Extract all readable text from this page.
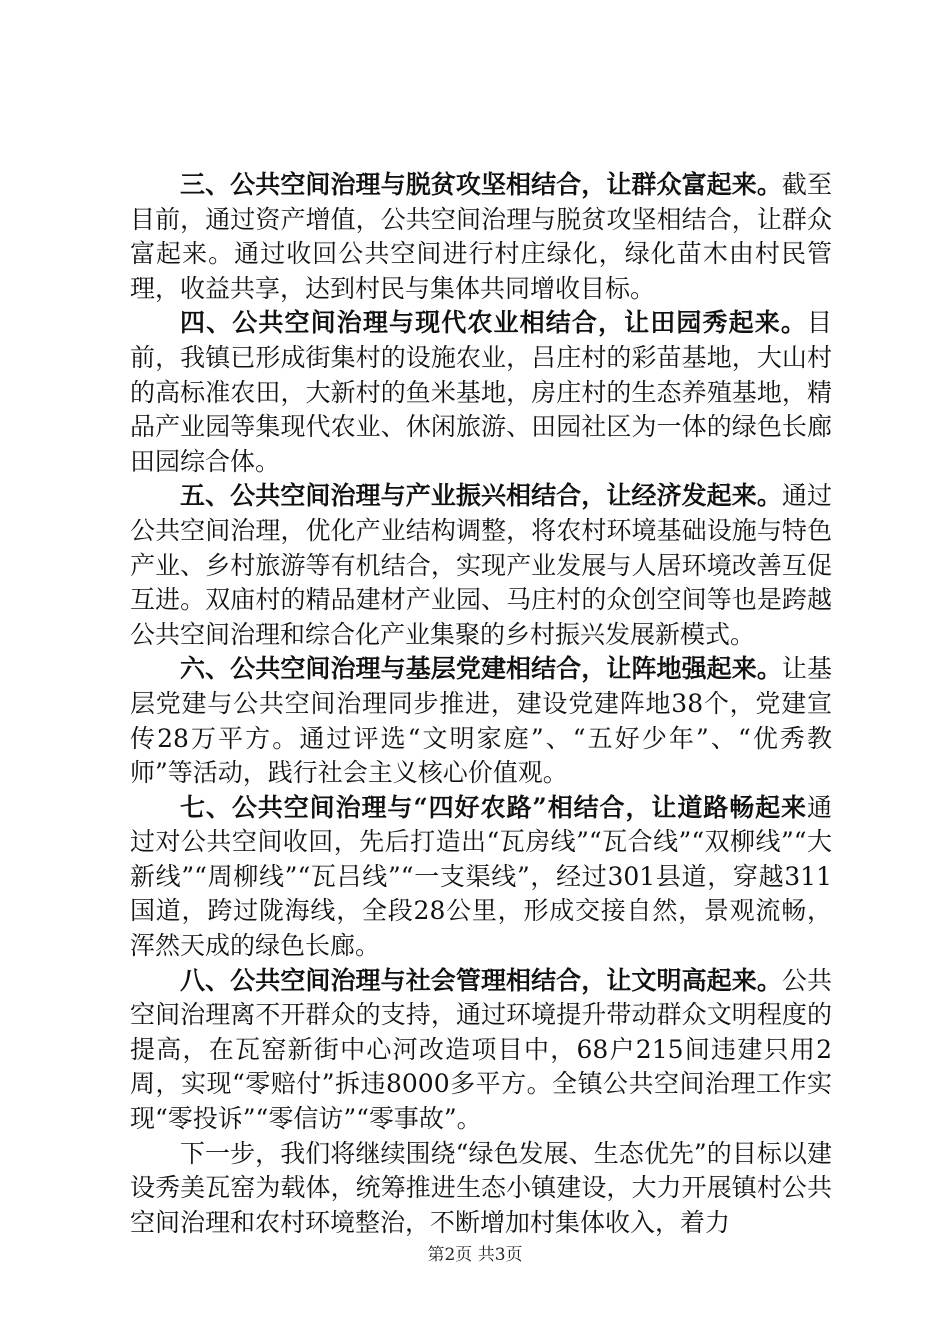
三、公共空间治理与脱贫攻坚相结合，让群众富起来。截至目前，通过资产增值，公共空间治理与脱贫攻坚相结合，让群众富起来。通过收回公共空间进行村庄绿化，绿化苗木由村民管理，收益共享，达到村民与集体共同增收目标。

四、公共空间治理与现代农业相结合，让田园秀起来。目前，我镇已形成街集村的设施农业，吕庄村的彩苗基地，大山村的高标准农田，大新村的鱼米基地，房庄村的生态养殖基地，精品产业园等集现代农业、休闲旅游、田园社区为一体的绿色长廊田园综合体。

五、公共空间治理与产业振兴相结合，让经济发起来。通过公共空间治理，优化产业结构调整，将农村环境基础设施与特色产业、乡村旅游等有机结合，实现产业发展与人居环境改善互促互进。双庙村的精品建材产业园、马庄村的众创空间等也是跨越公共空间治理和综合化产业集聚的乡村振兴发展新模式。

六、公共空间治理与基层党建相结合，让阵地强起来。让基层党建与公共空间治理同步推进，建设党建阵地38个，党建宣传28万平方。通过评选“文明家庭”、“五好少年”、“优秀教师”等活动，践行社会主义核心价值观。

七、公共空间治理与“四好农路”相结合，让道路畅起来通过对公共空间收回，先后打造出“瓦房线”“瓦合线”“双柳线”“大新线”“周柳线”“瓦吕线”“一支渠线”，经过301县道，穿越311国道，跨过陇海线，全段28公里，形成交接自然，景观流畅，浑然天成的绿色长廊。

八、公共空间治理与社会管理相结合，让文明高起来。公共空间治理离不开群众的支持，通过环境提升带动群众文明程度的提高，在瓦窑新街中心河改造项目中，68户215间违建只用2周，实现“零赔付”拆违8000多平方。全镇公共空间治理工作实现“零投诉”“零信访”“零事故”。

下一步，我们将继续围绕“绿色发展、生态优先”的目标以建设秀美瓦窑为载体，统筹推进生态小镇建设，大力开展镇村公共空间治理和农村环境整治，不断增加村集体收入，着力

第2页 共3页
